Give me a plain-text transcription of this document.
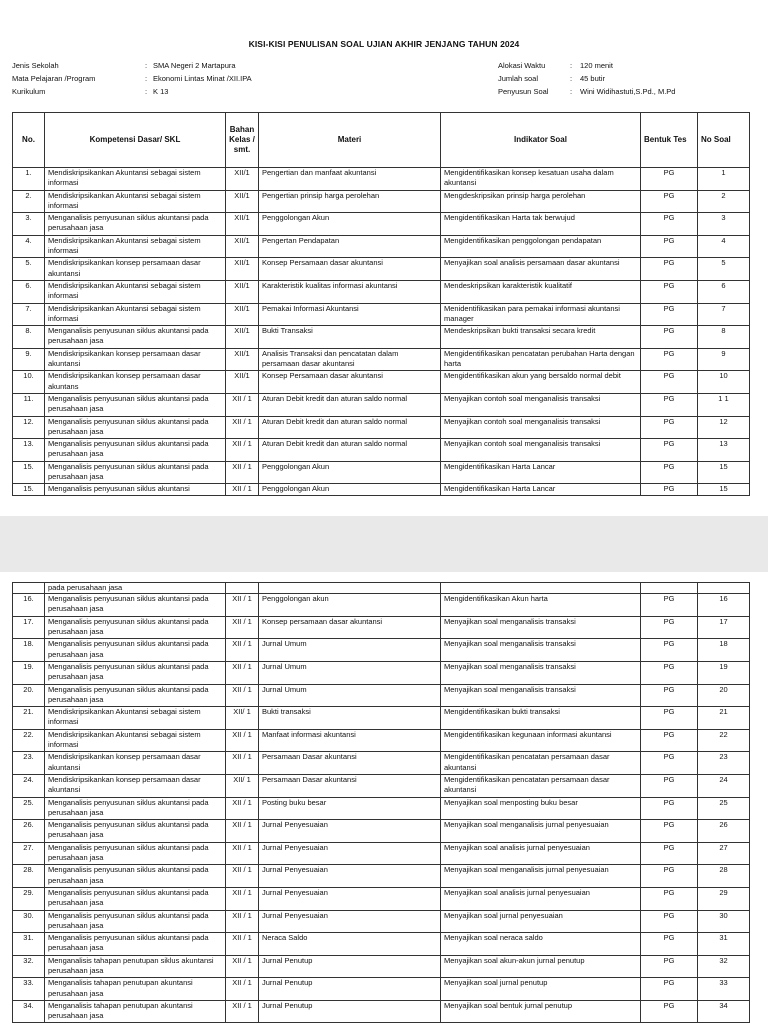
KISI-KISI PENULISAN SOAL UJIAN AKHIR JENJANG TAHUN 2024
Jenis Sekolah	: SMA Negeri 2 Martapura
Mata Pelajaran /Program	: Ekonomi Lintas Minat /XII.IPA
Kurikulum	: K 13
Alokasi Waktu	:	120 menit
Jumlah soal	:	45 butir
Penyusun Soal	:	Wini Widihastuti,S.Pd., M.Pd
No.	Kompetensi Dasar/ SKL	Bahan Kelas / smt.	Materi	Indikator Soal	Bentuk Tes	No Soal
1.	Mendiskripsikankan Akuntansi sebagai sistem informasi	XII/1	Pengertian dan manfaat akuntansi	Mengidentifikasikan konsep kesatuan usaha dalam akuntansi	PG	1
2.	Mendiskripsikankan Akuntansi sebagai sistem informasi	XII/1	Pengertian prinsip harga perolehan	Mengdeskripsikan prinsip harga perolehan	PG	2
3.	Menganalisis penyusunan siklus akuntansi pada perusahaan jasa	XII/1	Penggolongan Akun	Mengidentifikasikan Harta tak berwujud	PG	3
4.	Mendiskripsikankan Akuntansi sebagai sistem informasi	XII/1	Pengertan Pendapatan	Mengidentifikasikan penggolongan pendapatan	PG	4
5.	Mendiskripsikankan konsep persamaan dasar akuntansi	XII/1	Konsep Persamaan dasar akuntansi	Menyajikan soal analisis persamaan dasar akuntansi	PG	5
6.	Mendiskripsikankan Akuntansi sebagai sistem informasi	XII/1	Karakteristik kualitas informasi akuntansi	Mendeskripsikan karakteristik kualitatif	PG	6
7.	Mendiskripsikankan Akuntansi sebagai sistem informasi	XII/1	Pemakai Informasi Akuntansi	Menidentifikasikan para pemakai informasi akuntansi manager	PG	7
8.	Menganalisis penyusunan siklus akuntansi pada perusahaan jasa	XII/1	Bukti Transaksi	Mendeskripsikan bukti transaksi secara kredit	PG	8
9.	Mendiskripsikankan konsep persamaan dasar akuntansi	XII/1	Analisis Transaksi dan pencatatan dalam persamaan dasar akuntansi	Mengidentifikasikan pencatatan perubahan Harta dengan harta	PG	9
10.	Mendiskripsikankan konsep persamaan dasar akuntans	XII/1	Konsep Persamaan dasar akuntansi	Mengidentifikasikan akun yang bersaldo normal debit	PG	10
11.	Menganalisis penyusunan siklus akuntansi pada perusahaan jasa	XII / 1	Aturan Debit kredit dan aturan saldo normal	Menyajikan contoh soal menganalisis transaksi	PG	1 1
12.	Menganalisis penyusunan siklus akuntansi pada perusahaan jasa	XII / 1	Aturan Debit kredit dan aturan saldo normal	Menyajikan contoh soal menganalisis transaksi	PG	12
13.	Menganalisis penyusunan siklus akuntansi pada perusahaan jasa	XII / 1	Aturan Debit kredit dan aturan saldo normal	Menyajikan contoh soal menganalisis transaksi	PG	13
15.	Menganalisis penyusunan siklus akuntansi pada perusahaan jasa	XII / 1	Penggolongan Akun	Mengidentifikasikan Harta Lancar	PG	15
15.	Menganalisis penyusunan siklus akuntansi	XII / 1	Penggolongan Akun	Mengidentifikasikan Harta Lancar	PG	15
	pada perusahaan jasa					
16.	Menganalisis penyusunan siklus akuntansi pada perusahaan jasa	XII / 1	Penggolongan akun	Mengidentifikasikan Akun harta	PG	16
17.	Menganalisis penyusunan siklus akuntansi pada perusahaan jasa	XII / 1	Konsep persamaan dasar akuntansi	Menyajikan soal menganalisis transaksi	PG	17
18.	Menganalisis penyusunan siklus akuntansi pada perusahaan jasa	XII / 1	Jurnal Umum	Menyajikan soal menganalisis transaksi	PG	18
19.	Menganalisis penyusunan siklus akuntansi pada perusahaan jasa	XII / 1	Jurnal Umum	Menyajikan soal menganalisis transaksi	PG	19
20.	Menganalisis penyusunan siklus akuntansi pada perusahaan jasa	XII / 1	Jurnal Umum	Menyajikan soal menganalisis transaksi	PG	20
21.	Mendiskripsikankan Akuntansi sebagai sistem informasi	XII/ 1	Bukti transaksi	Mengidentifikasikan bukti transaksi	PG	21
22.	Mendiskripsikankan Akuntansi sebagai sistem informasi	XII / 1	Manfaat informasi akuntansi	Mengidentifikasikan kegunaan informasi akuntansi	PG	22
23.	Mendiskripsikankan konsep persamaan dasar akuntansi	XII / 1	Persamaan Dasar akuntansi	Mengidentifikasikan pencatatan persamaan dasar akuntansi	PG	23
24.	Mendiskripsikankan konsep persamaan dasar akuntansi	XII/ 1	Persamaan Dasar akuntansi	Mengidentifikasikan pencatatan persamaan dasar akuntansi	PG	24
25.	Menganalisis penyusunan siklus akuntansi pada perusahaan jasa	XII / 1	Posting buku besar	Menyajikan soal menposting buku besar	PG	25
26.	Menganalisis penyusunan siklus akuntansi pada perusahaan jasa	XII / 1	Jurnal Penyesuaian	Menyajikan soal menganalisis jurnal penyesuaian	PG	26
27.	Menganalisis penyusunan siklus akuntansi pada perusahaan jasa	XII / 1	Jurnal Penyesuaian	Menyajikan soal analisis jurnal penyesuaian	PG	27
28.	Menganalisis penyusunan siklus akuntansi pada perusahaan jasa	XII / 1	Jurnal Penyesuaian	Menyajikan soal menganalisis jurnal penyesuaian	PG	28
29.	Menganalisis penyusunan siklus akuntansi pada perusahaan jasa	XII / 1	Jurnal Penyesuaian	Menyajikan soal analisis jurnal penyesuaian	PG	29
30.	Menganalisis penyusunan siklus akuntansi pada perusahaan jasa	XII / 1	Jurnal Penyesuaian	Menyajikan soal jurnal penyesuaian	PG	30
31.	Menganalisis penyusunan siklus akuntansi pada perusahaan jasa	XII / 1	Neraca Saldo	Menyajikan soal neraca saldo	PG	31
32.	Menganalisis tahapan penutupan siklus akuntansi perusahaan jasa	XII / 1	Jurnal Penutup	Menyajikan soal akun-akun jurnal penutup	PG	32
33.	Menganalisis tahapan penutupan akuntansi perusahaan jasa	XII / 1	Jurnal Penutup	Menyajikan soal jurnal penutup	PG	33
34.	Menganalisis tahapan penutupan akuntansi perusahaan jasa	XII / 1	Jurnal Penutup	Menyajikan soal bentuk jurnal penutup	PG	34
